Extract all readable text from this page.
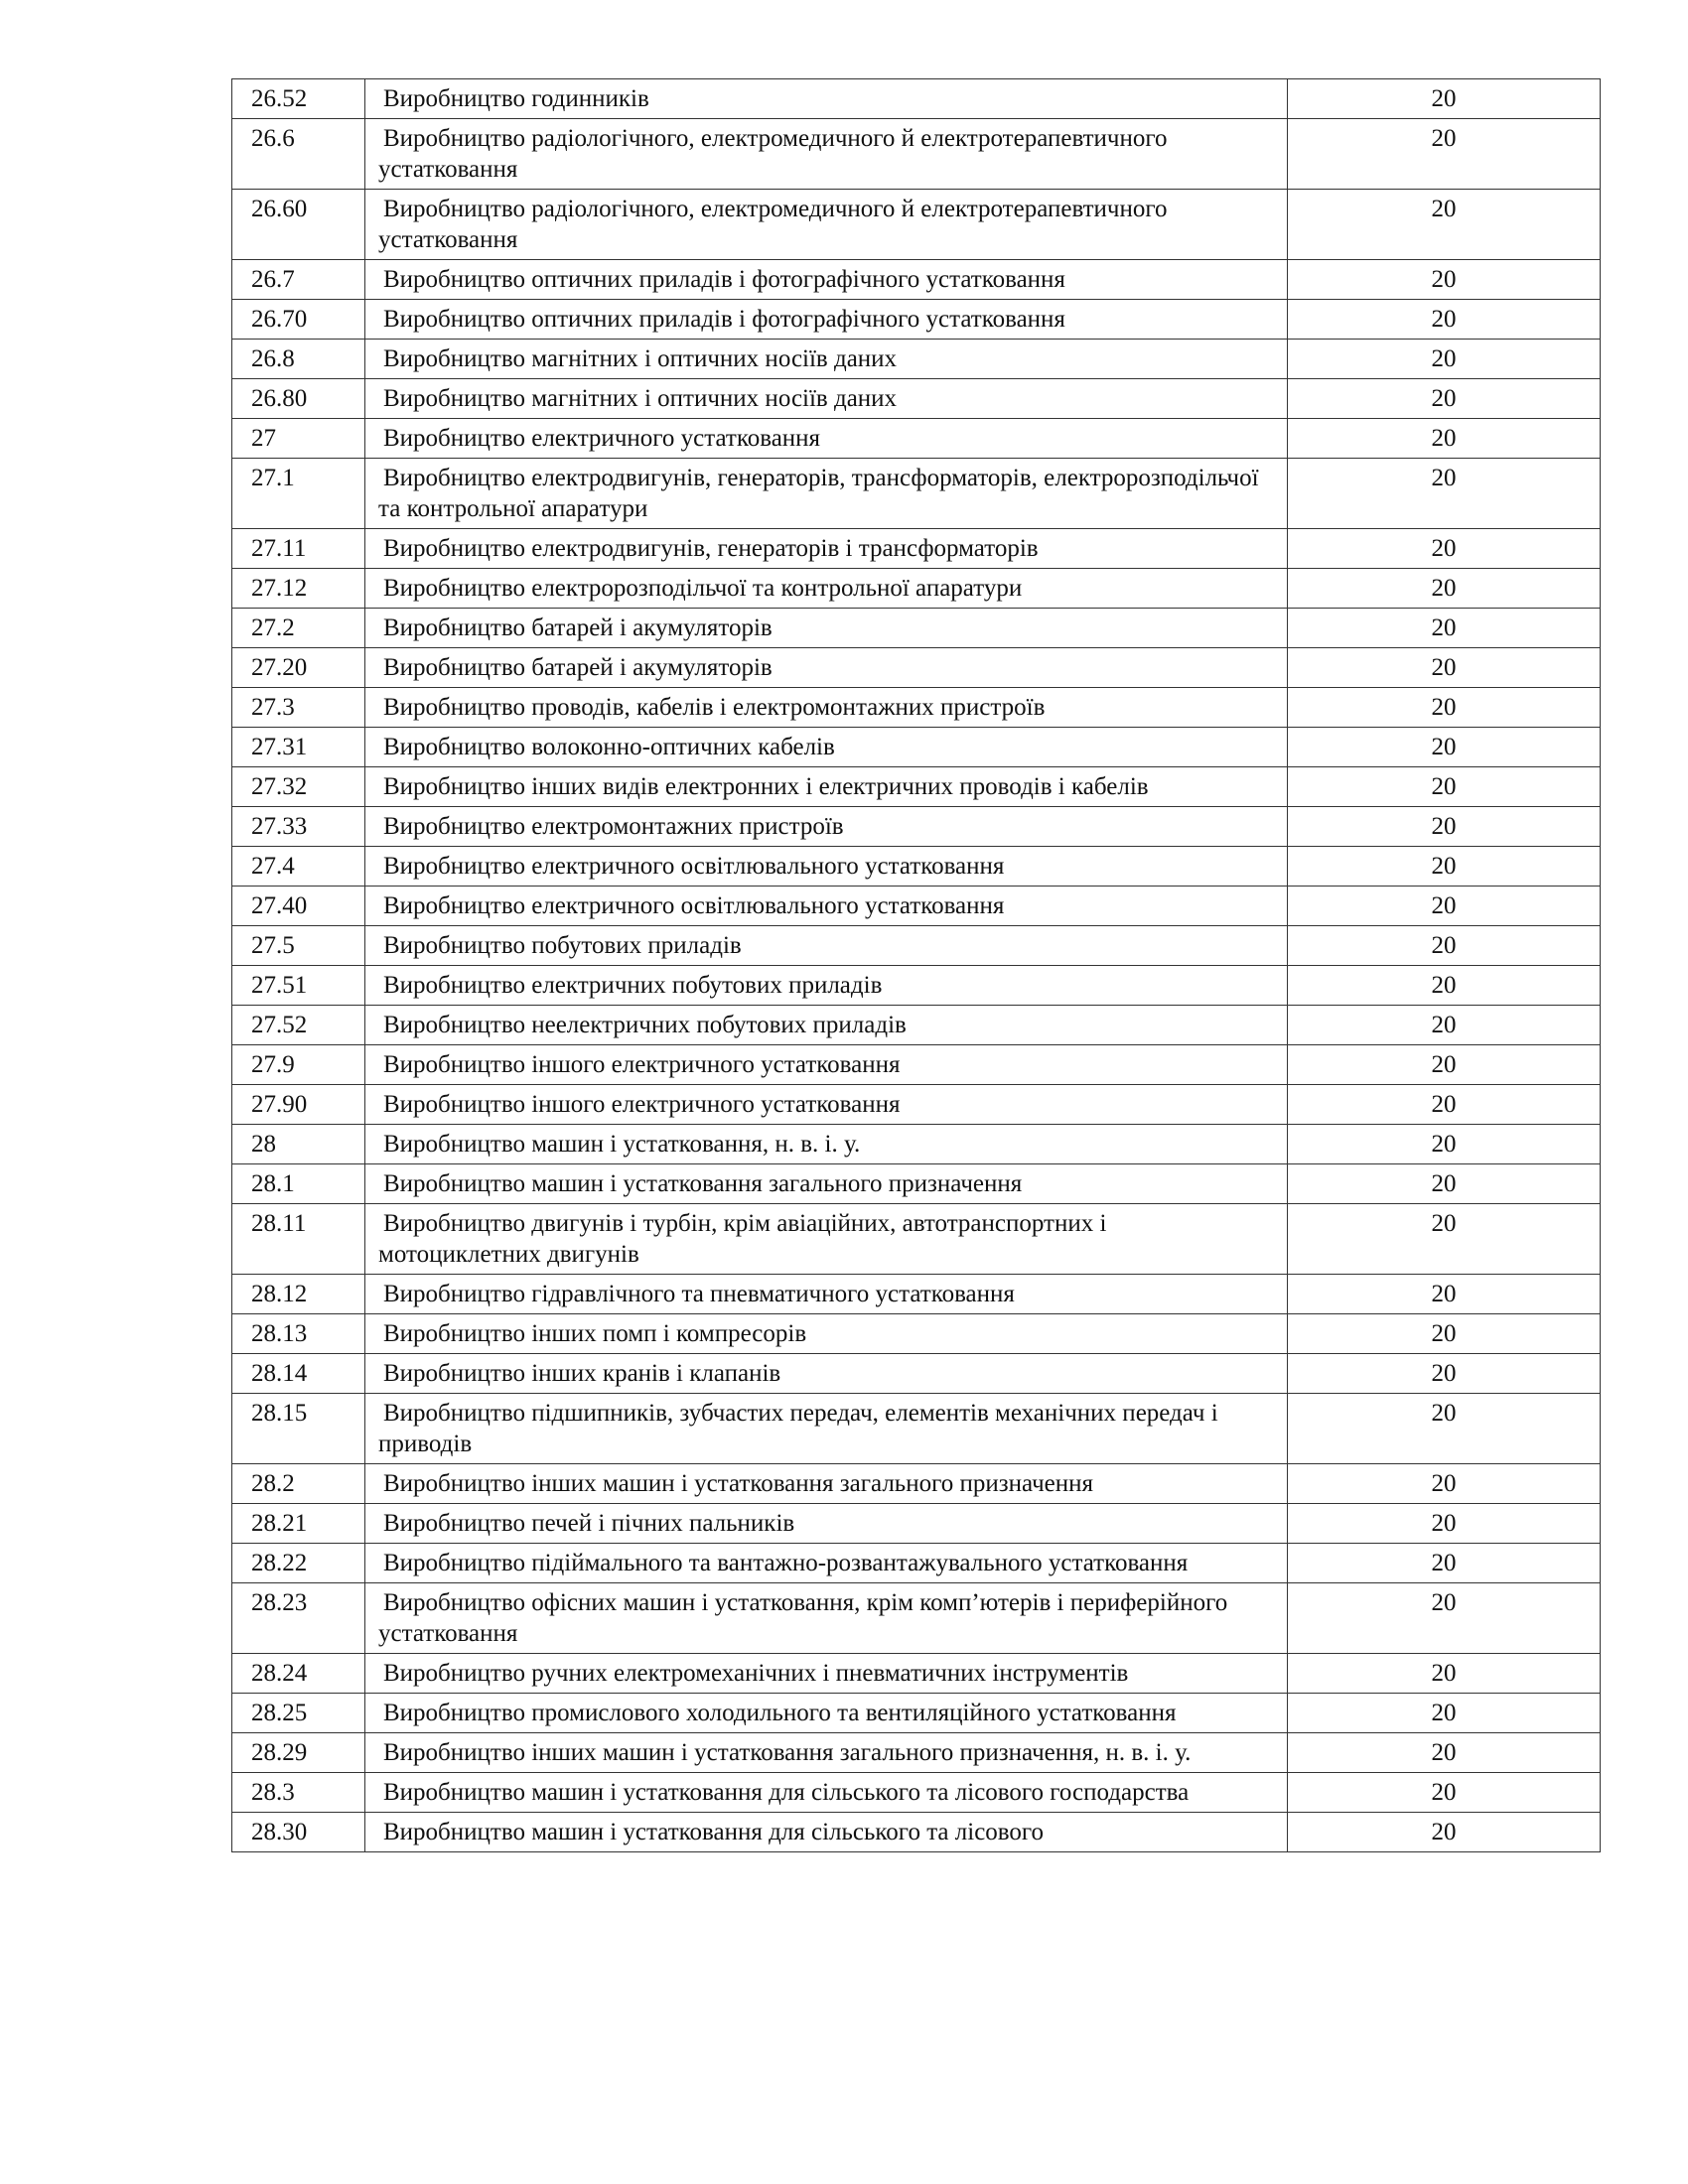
26.52	Виробництво годинників	20
26.6	Виробництво радіологічного, електромедичного й електротерапевтичного устатковання	20
26.60	Виробництво радіологічного, електромедичного й електротерапевтичного устатковання	20
26.7	Виробництво оптичних приладів і фотографічного устатковання	20
26.70	Виробництво оптичних приладів і фотографічного устатковання	20
26.8	Виробництво магнітних і оптичних носіїв даних	20
26.80	Виробництво магнітних і оптичних носіїв даних	20
27	Виробництво електричного устатковання	20
27.1	Виробництво електродвигунів, генераторів, трансформаторів, електророзподільчої та контрольної апаратури	20
27.11	Виробництво електродвигунів, генераторів і трансформаторів	20
27.12	Виробництво електророзподільчої та контрольної апаратури	20
27.2	Виробництво батарей і акумуляторів	20
27.20	Виробництво батарей і акумуляторів	20
27.3	Виробництво проводів, кабелів і електромонтажних пристроїв	20
27.31	Виробництво волоконно-оптичних кабелів	20
27.32	Виробництво інших видів електронних і електричних проводів і кабелів	20
27.33	Виробництво електромонтажних пристроїв	20
27.4	Виробництво електричного освітлювального устатковання	20
27.40	Виробництво електричного освітлювального устатковання	20
27.5	Виробництво побутових приладів	20
27.51	Виробництво електричних побутових приладів	20
27.52	Виробництво неелектричних побутових приладів	20
27.9	Виробництво іншого електричного устатковання	20
27.90	Виробництво іншого електричного устатковання	20
28	Виробництво машин і устатковання, н. в. і. у.	20
28.1	Виробництво машин і устатковання загального призначення	20
28.11	Виробництво двигунів і турбін, крім авіаційних, автотранспортних і мотоциклетних двигунів	20
28.12	Виробництво гідравлічного та пневматичного устатковання	20
28.13	Виробництво інших помп і компресорів	20
28.14	Виробництво інших кранів і клапанів	20
28.15	Виробництво підшипників, зубчастих передач, елементів механічних передач і приводів	20
28.2	Виробництво інших машин і устатковання загального призначення	20
28.21	Виробництво печей і пічних пальників	20
28.22	Виробництво підіймального та вантажно-розвантажувального устатковання	20
28.23	Виробництво офісних машин і устатковання, крім комп’ютерів і периферійного устатковання	20
28.24	Виробництво ручних електромеханічних і пневматичних інструментів	20
28.25	Виробництво промислового холодильного та вентиляційного устатковання	20
28.29	Виробництво інших машин і устатковання загального призначення, н. в. і. у.	20
28.3	Виробництво машин і устатковання для сільського та лісового господарства	20
28.30	Виробництво машин і устатковання для сільського та лісового	20
